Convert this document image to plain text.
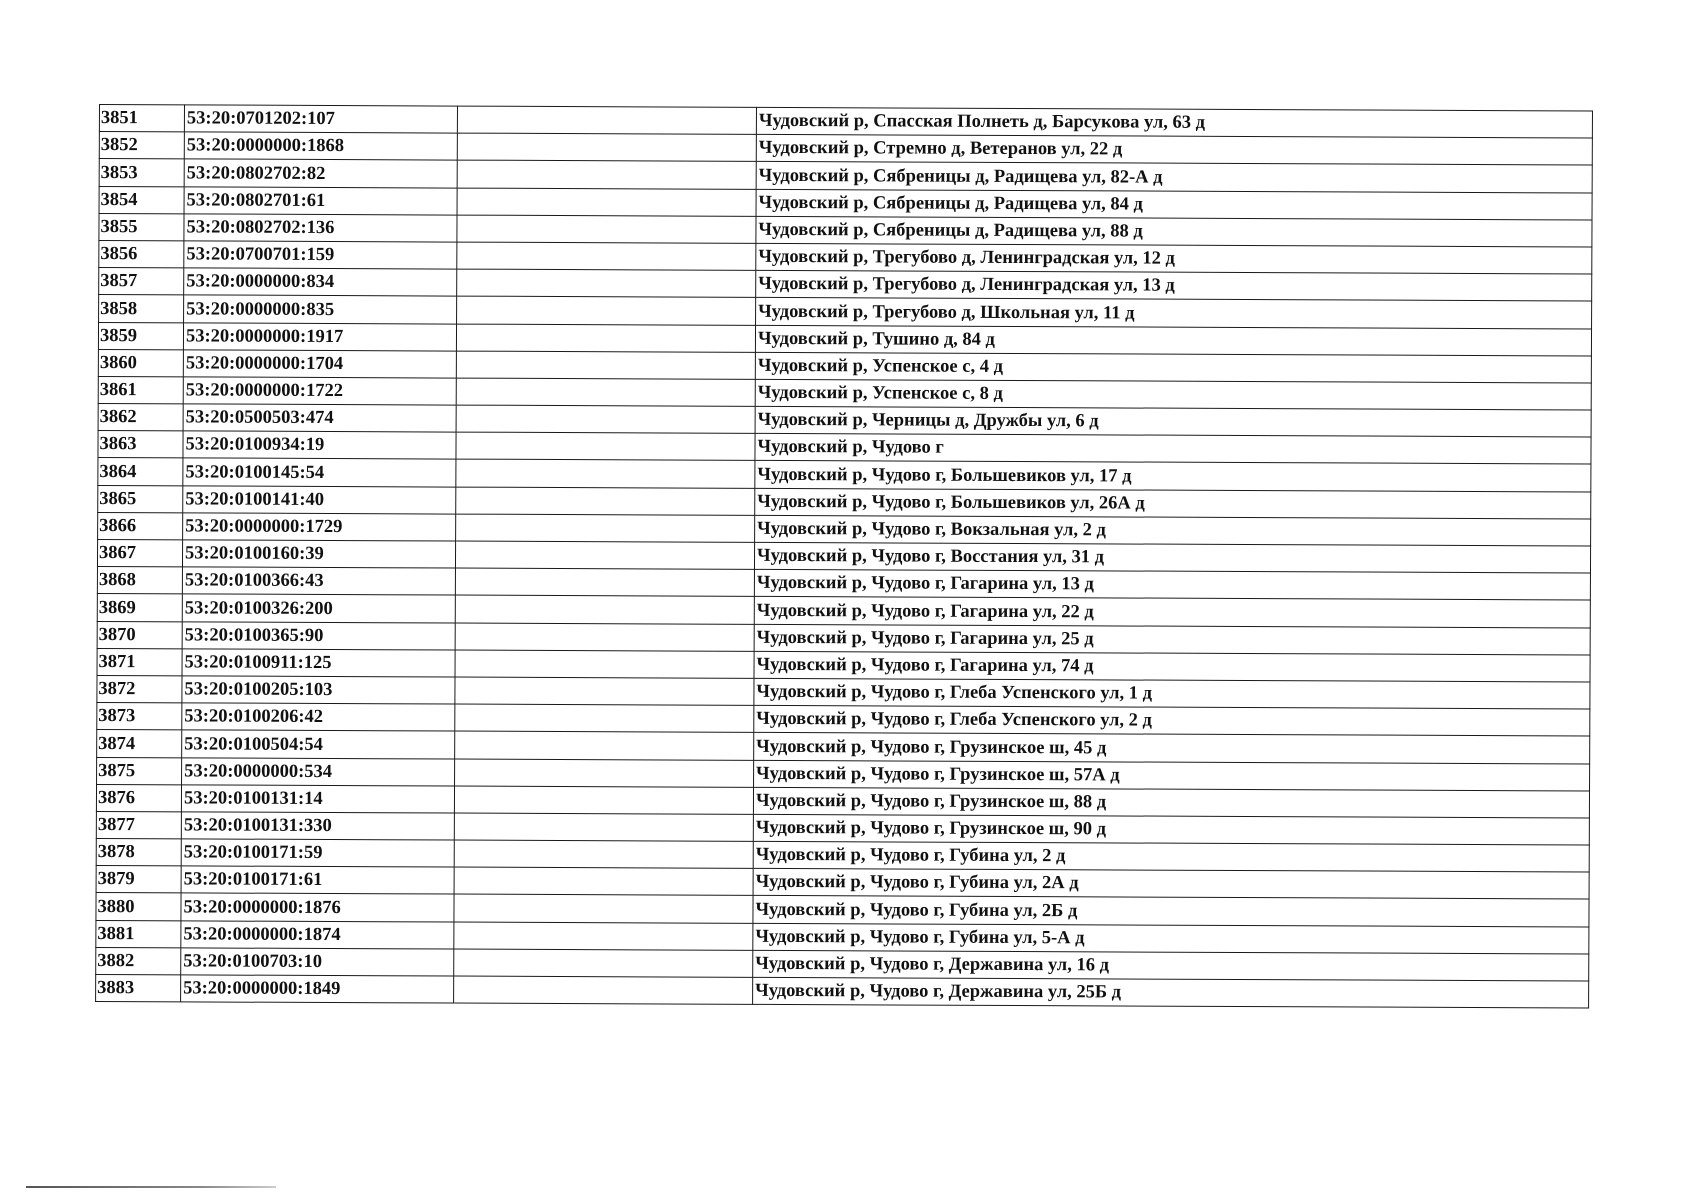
3851	53:20:0701202:107		Чудовский р, Спасская Полнеть д, Барсукова ул, 63 д
3852	53:20:0000000:1868		Чудовский р, Стремно д, Ветеранов ул, 22 д
3853	53:20:0802702:82		Чудовский р, Сябреницы д, Радищева ул, 82-А д
3854	53:20:0802701:61		Чудовский р, Сябреницы д, Радищева ул, 84 д
3855	53:20:0802702:136		Чудовский р, Сябреницы д, Радищева ул, 88 д
3856	53:20:0700701:159		Чудовский р, Трегубово д, Ленинградская ул, 12 д
3857	53:20:0000000:834		Чудовский р, Трегубово д, Ленинградская ул, 13 д
3858	53:20:0000000:835		Чудовский р, Трегубово д, Школьная ул, 11 д
3859	53:20:0000000:1917		Чудовский р, Тушино д, 84 д
3860	53:20:0000000:1704		Чудовский р, Успенское с, 4 д
3861	53:20:0000000:1722		Чудовский р, Успенское с, 8 д
3862	53:20:0500503:474		Чудовский р, Черницы д, Дружбы ул, 6 д
3863	53:20:0100934:19		Чудовский р, Чудово г
3864	53:20:0100145:54		Чудовский р, Чудово г, Большевиков ул, 17 д
3865	53:20:0100141:40		Чудовский р, Чудово г, Большевиков ул, 26А д
3866	53:20:0000000:1729		Чудовский р, Чудово г, Вокзальная ул, 2 д
3867	53:20:0100160:39		Чудовский р, Чудово г, Восстания ул, 31 д
3868	53:20:0100366:43		Чудовский р, Чудово г, Гагарина ул, 13 д
3869	53:20:0100326:200		Чудовский р, Чудово г, Гагарина ул, 22 д
3870	53:20:0100365:90		Чудовский р, Чудово г, Гагарина ул, 25 д
3871	53:20:0100911:125		Чудовский р, Чудово г, Гагарина ул, 74 д
3872	53:20:0100205:103		Чудовский р, Чудово г, Глеба Успенского ул, 1 д
3873	53:20:0100206:42		Чудовский р, Чудово г, Глеба Успенского ул, 2 д
3874	53:20:0100504:54		Чудовский р, Чудово г, Грузинское ш, 45 д
3875	53:20:0000000:534		Чудовский р, Чудово г, Грузинское ш, 57А д
3876	53:20:0100131:14		Чудовский р, Чудово г, Грузинское ш, 88 д
3877	53:20:0100131:330		Чудовский р, Чудово г, Грузинское ш, 90 д
3878	53:20:0100171:59		Чудовский р, Чудово г, Губина ул, 2 д
3879	53:20:0100171:61		Чудовский р, Чудово г, Губина ул, 2А д
3880	53:20:0000000:1876		Чудовский р, Чудово г, Губина ул, 2Б д
3881	53:20:0000000:1874		Чудовский р, Чудово г, Губина ул, 5-А д
3882	53:20:0100703:10		Чудовский р, Чудово г, Державина ул, 16 д
3883	53:20:0000000:1849		Чудовский р, Чудово г, Державина ул, 25Б д
